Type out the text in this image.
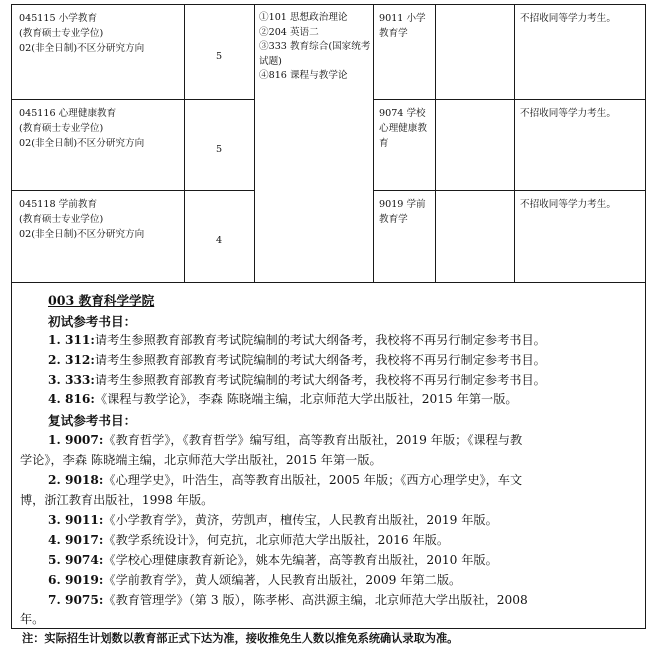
045115 小学教育
(教育硕士专业学位)
02(非全日制)不区分研究方向
5
①101 思想政治理论
②204 英语二
③333 教育综合(国家统考试题)
④816 课程与教学论
9011 小学教育学
不招收同等学力考生。
045116 心理健康教育
(教育硕士专业学位)
02(非全日制)不区分研究方向
5
9074 学校心理健康教育
不招收同等学力考生。
045118 学前教育
(教育硕士专业学位)
02(非全日制)不区分研究方向
4
9019 学前教育学
不招收同等学力考生。
003 教育科学学院
初试参考书目：
1. 311:请考生参照教育部教育考试院编制的考试大纲备考，我校将不再另行制定参考书目。
2. 312:请考生参照教育部教育考试院编制的考试大纲备考，我校将不再另行制定参考书目。
3. 333:请考生参照教育部教育考试院编制的考试大纲备考，我校将不再另行制定参考书目。
4. 816:《课程与教学论》，李森 陈晓端主编，北京师范大学出版社，2015 年第一版。
复试参考书目：
1. 9007:《教育哲学》，《教育哲学》编写组，高等教育出版社，2019 年版；《课程与教
学论》，李森 陈晓端主编，北京师范大学出版社，2015 年第一版。
2. 9018:《心理学史》，叶浩生，高等教育出版社，2005 年版；《西方心理学史》，车文
博，浙江教育出版社，1998 年版。
3. 9011:《小学教育学》，黄济，劳凯声，檀传宝，人民教育出版社，2019 年版。
4. 9017:《教学系统设计》，何克抗，北京师范大学出版社，2016 年版。
5. 9074:《学校心理健康教育新论》，姚本先编著，高等教育出版社，2010 年版。
6. 9019:《学前教育学》，黄人颂编著，人民教育出版社，2009 年第二版。
7. 9075:《教育管理学》（第 3 版），陈孝彬、高洪源主编，北京师范大学出版社，2008
年。
注：实际招生计划数以教育部正式下达为准，接收推免生人数以推免系统确认录取为准。
